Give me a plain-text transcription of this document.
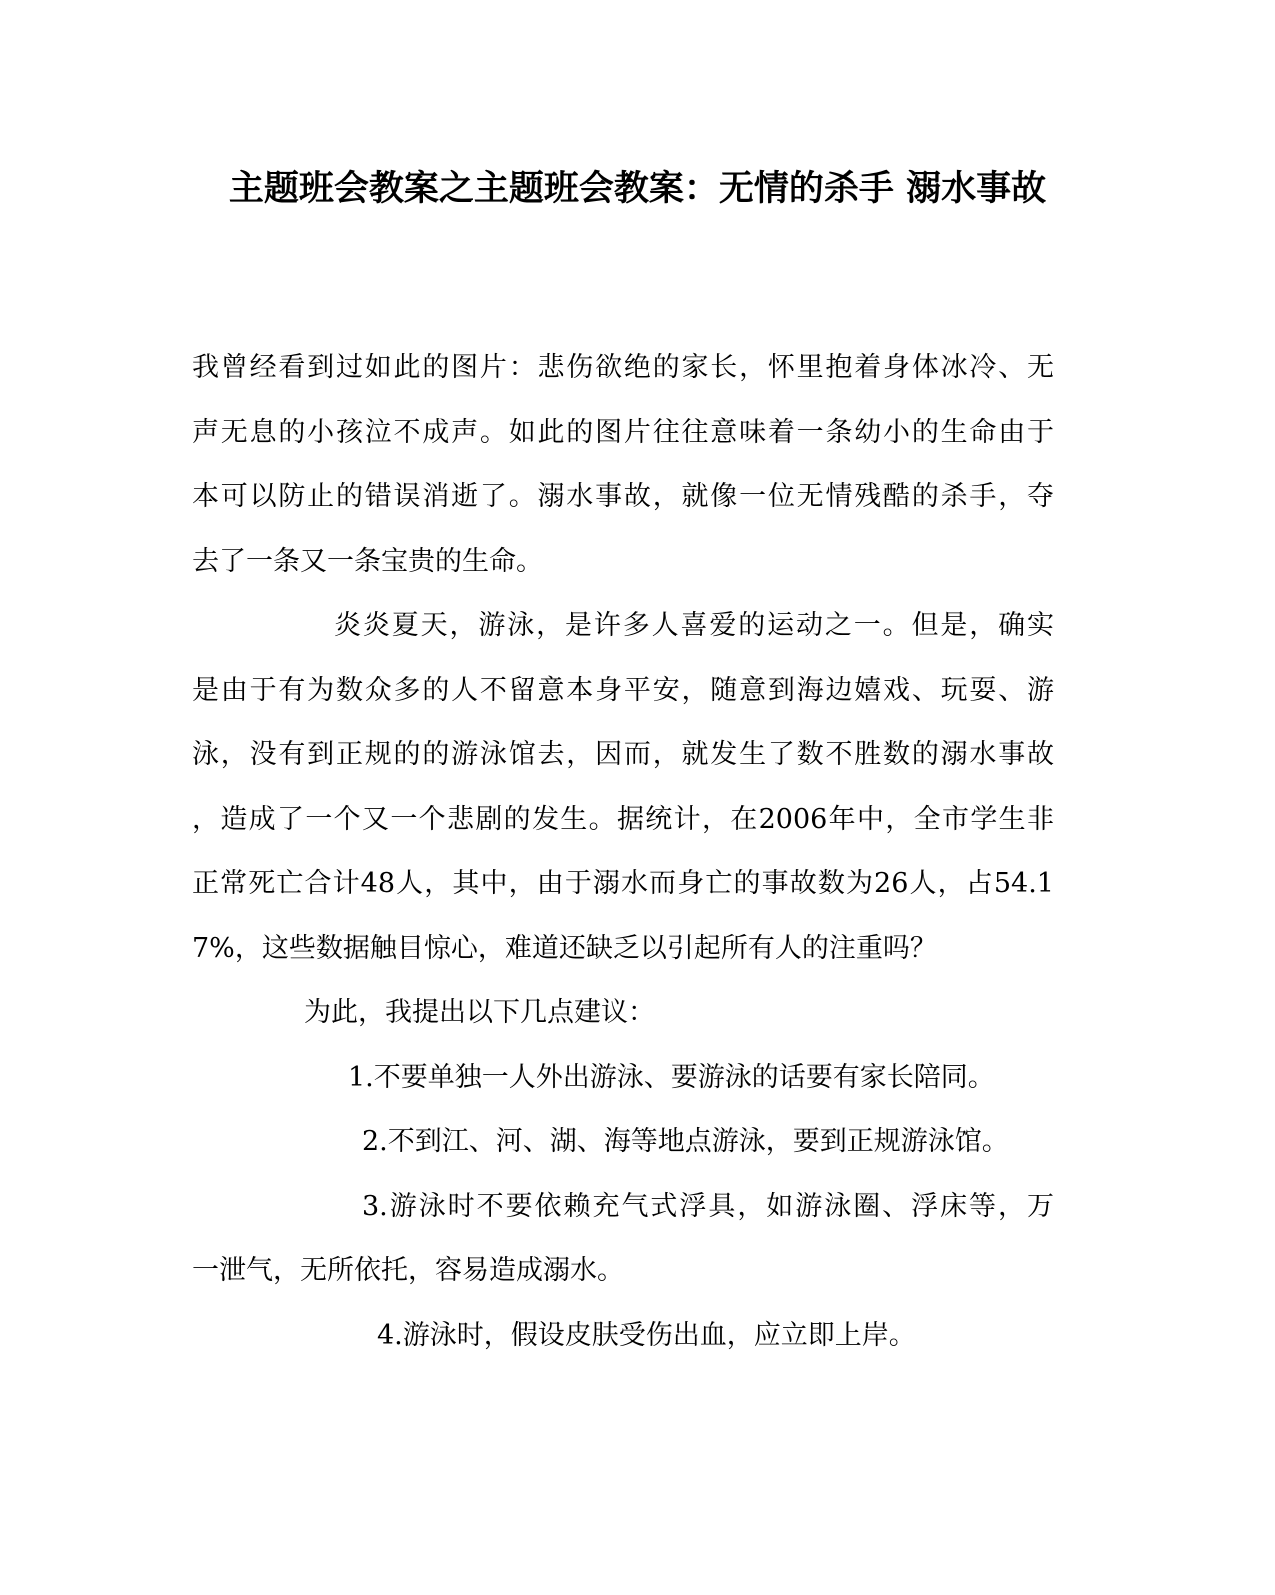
主题班会教案之主题班会教案：无情的杀手 溺水事故
我曾经看到过如此的图片：悲伤欲绝的家长，怀里抱着身体冰冷、无
声无息的小孩泣不成声。如此的图片往往意味着一条幼小的生命由于
本可以防止的错误消逝了。溺水事故，就像一位无情残酷的杀手，夺
去了一条又一条宝贵的生命。
炎炎夏天，游泳，是许多人喜爱的运动之一。但是，确实
是由于有为数众多的人不留意本身平安，随意到海边嬉戏、玩耍、游
泳，没有到正规的的游泳馆去，因而，就发生了数不胜数的溺水事故
，造成了一个又一个悲剧的发生。据统计，在2006年中，全市学生非
正常死亡合计48人，其中，由于溺水而身亡的事故数为26人，占54.1
7%，这些数据触目惊心，难道还缺乏以引起所有人的注重吗？
为此，我提出以下几点建议：
1.不要单独一人外出游泳、要游泳的话要有家长陪同。
2.不到江、河、湖、海等地点游泳，要到正规游泳馆。
3.游泳时不要依赖充气式浮具，如游泳圈、浮床等，万
一泄气，无所依托，容易造成溺水。
4.游泳时，假设皮肤受伤出血，应立即上岸。
